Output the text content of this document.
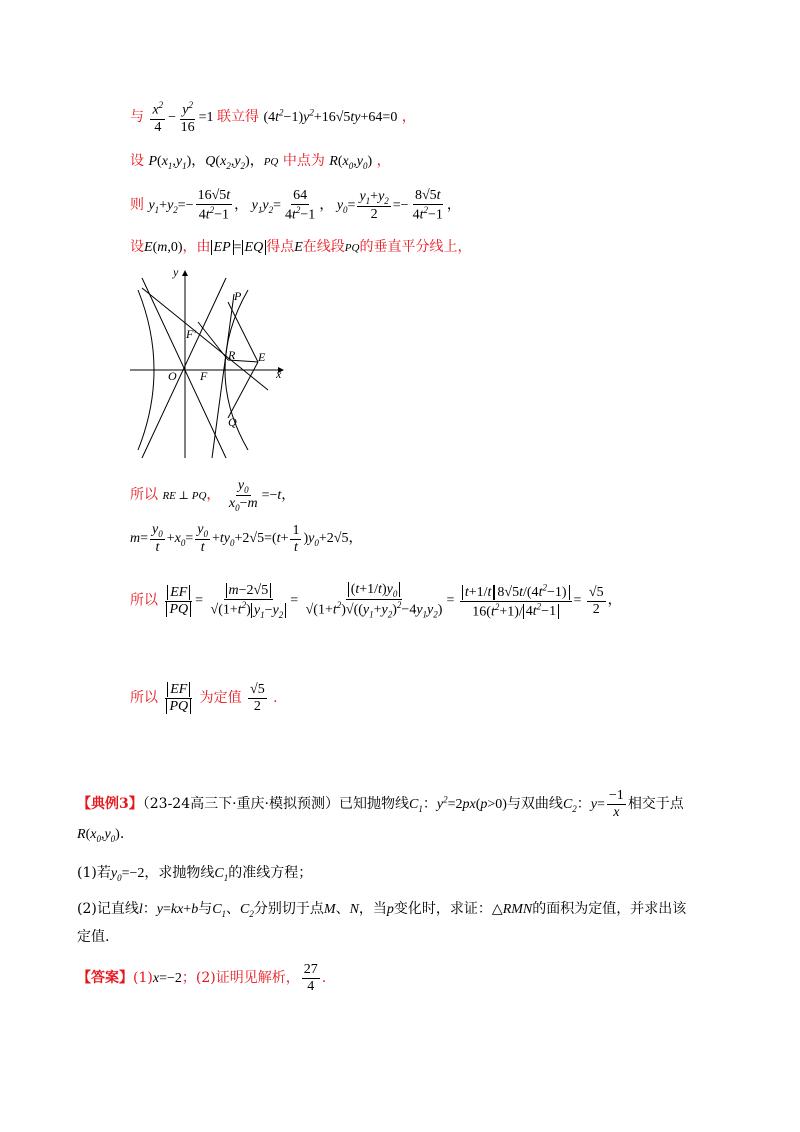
与 $\frac{x^2}{4} - \frac{y^2}{16} =1$ 联立得 $(4t^2-1)y^2+16√5ty+64=0$ ，
设 $P(x_1,y_1)$，$Q(x_2,y_2)$，PQ 中点为 $R(x_0,y_0)$ ，
则 $y_1+y_2=- \frac{16√5t}{4t^2-1}$ ， $y_1y_2= \frac{64}{4t^2-1}$ ， $y_0= \frac{y_1+y_2}{2} =- \frac{8√5t}{4t^2-1}$ ，
设E(m,0)，由 EP = EQ 得点E在线段PQ的垂直平分线上，
y
x
O F
F′
P
Q
R E
所以 RE ⊥ PQ， $\frac{y_0}{x_0-m} =-t$，
$m= \frac{y_0}{t} +x_0= \frac{y_0}{t} +ty_0+2√5=(t+ \frac{1}{t} )y_0+2√5$，
所以 $\frac{EF}{PQ} = \frac{m-2√5}{√(1+t^2) y_1-y_2} = \frac{(t+1/t)y_0}{√(1+t^2)√((y_1+y_2)^2-4y_1y_2)} = \frac{t+1/t 8√5t/(4t^2-1)}{16(t^2+1)/ 4t^2-1} = \frac{√5}{2}$ ，
所以 $\frac{EF}{PQ}$ 为定值 $\frac{√5}{2}$ .
【典例3】（23-24高三下·重庆·模拟预测）已知抛物线$C_1$：$y^2=2px(p>0)$与双曲线$C_2$：$y= \frac{-1}{x}$ 相交于点
$R(x_0,y_0)$.
(1)若$y_0=-2$，求抛物线$C_1$的准线方程；
(2)记直线l：y=kx+b与$C_1$、$C_2$分别切于点M、N，当p变化时，求证：△RMN的面积为定值，并求出该
定值.
【答案】(1)x=−2；(2)证明见解析， $\frac{27}{4}$ .
